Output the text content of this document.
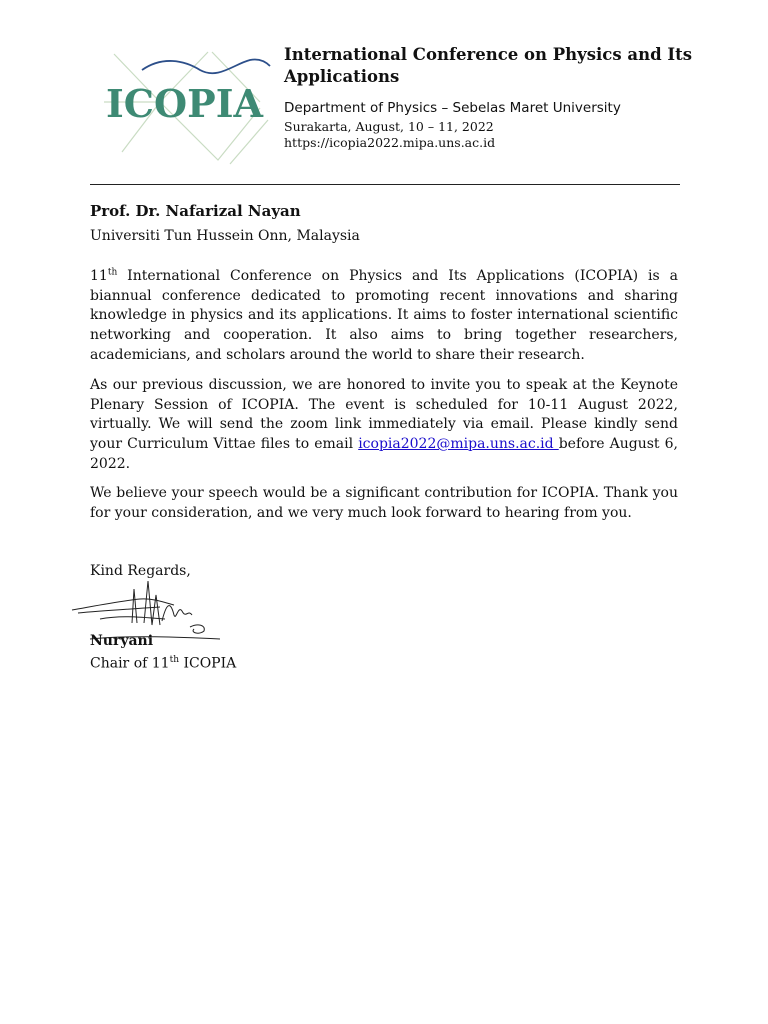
ICOPIA
International Conference on Physics and Its Applications
Department of Physics – Sebelas Maret University
Surakarta, August, 10 – 11, 2022
https://icopia2022.mipa.uns.ac.id
Prof. Dr. Nafarizal Nayan
Universiti Tun Hussein Onn, Malaysia

11th International Conference on Physics and Its Applications (ICOPIA) is a biannual conference dedicated to promoting recent innovations and sharing knowledge in physics and its applications. It aims to foster international scientific networking and cooperation. It also aims to bring together researchers, academicians, and scholars around the world to share their research.

As our previous discussion, we are honored to invite you to speak at the Keynote Plenary Session of ICOPIA. The event is scheduled for 10-11 August 2022, virtually. We will send the zoom link immediately via email. Please kindly send your Curriculum Vittae files to email icopia2022@mipa.uns.ac.id before August 6, 2022.

We believe your speech would be a significant contribution for ICOPIA. Thank you for your consideration, and we very much look forward to hearing from you.

Kind Regards,
Nuryani
Chair of 11th ICOPIA
